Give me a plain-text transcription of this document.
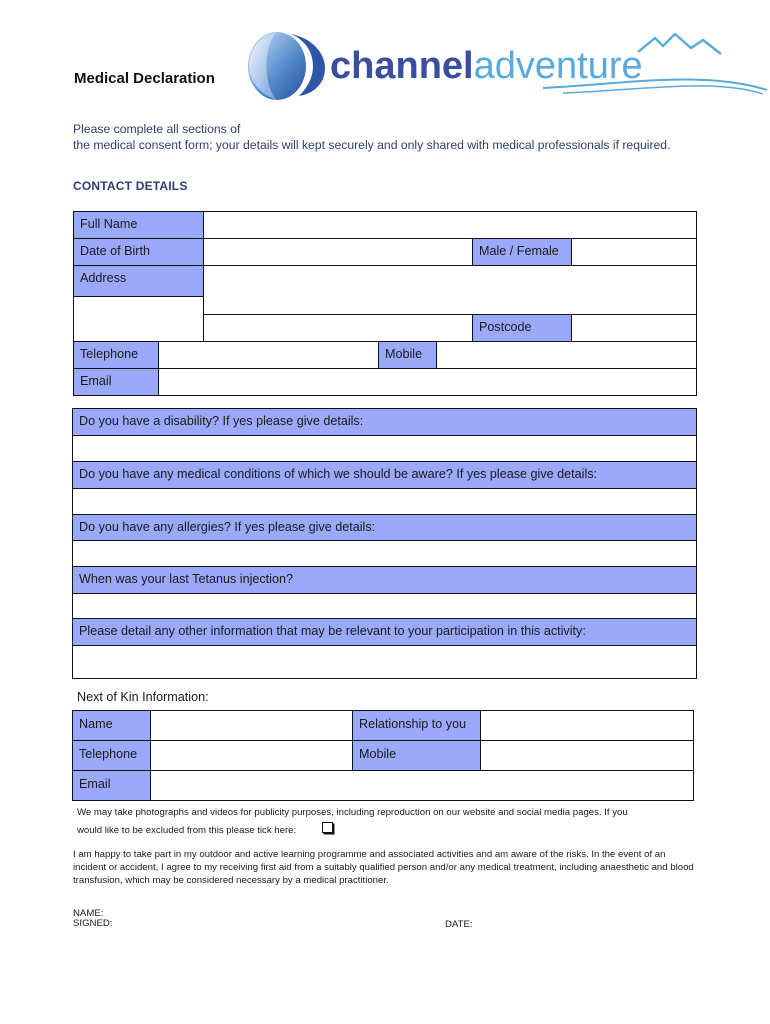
Medical Declaration	channeladventure
Please complete all sections of
the medical consent form; your details will kept securely and only shared with medical professionals if required.
CONTACT DETAILS
Full Name
Date of Birth	Male / Female
Address
Postcode
Telephone	Mobile
Email
Do you have a disability? If yes please give details:
Do you have any medical conditions of which we should be aware? If yes please give details:
Do you have any allergies? If yes please give details:
When was your last Tetanus injection?
Please detail any other information that may be relevant to your participation in this activity:
Next of Kin Information:
Name	Relationship to you
Telephone	Mobile
Email
We may take photographs and videos for publicity purposes, including reproduction on our website and social media pages. If you
would like to be excluded from this please tick here:
I am happy to take part in my outdoor and active learning programme and associated activities and am aware of the risks. In the event of an incident or accident, I agree to my receiving first aid from a suitably qualified person and/or any medical treatment, including anaesthetic and blood transfusion, which may be considered necessary by a medical practitioner.
NAME:
SIGNED:	DATE:
